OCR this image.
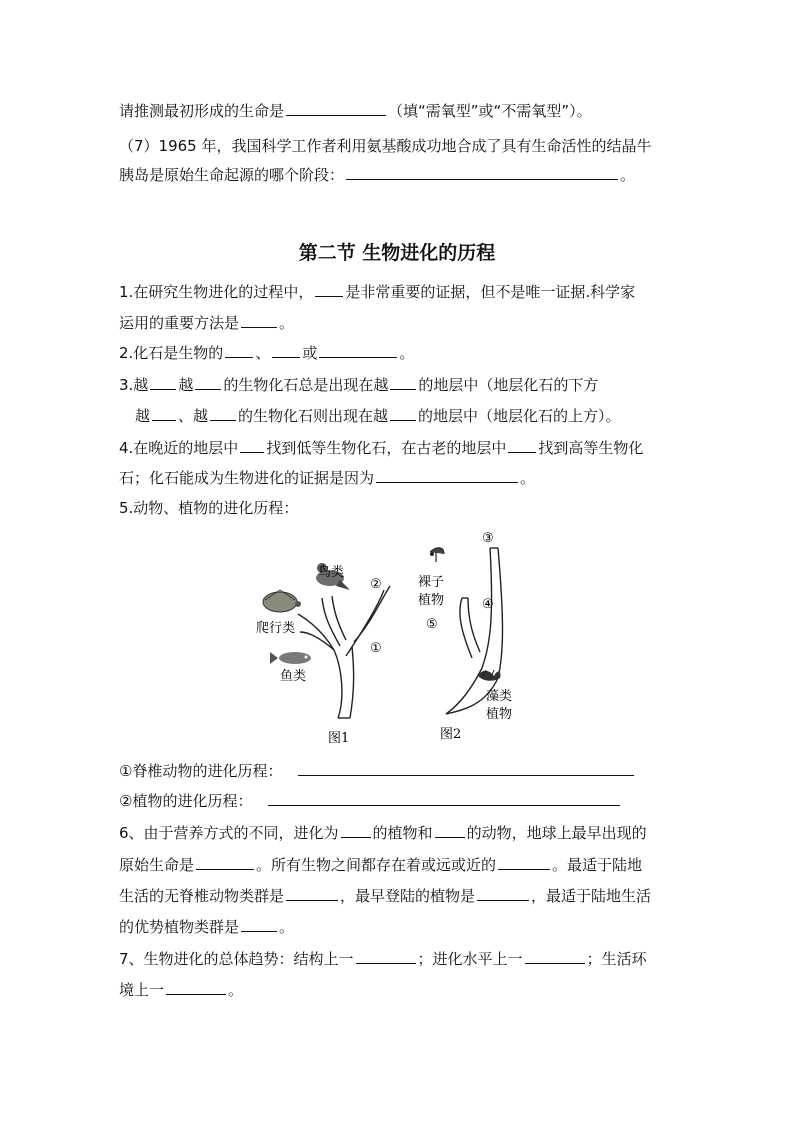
请推测最初形成的生命是	（填“需氧型”或“不需氧型”）。
（7）1965 年，我国科学工作者利用氨基酸成功地合成了具有生命活性的结晶牛
胰岛是原始生命起源的哪个阶段：	。
第二节 生物进化的历程
1.在研究生物进化的过程中， 是非常重要的证据，但不是唯一证据.科学家
运用的重要方法是	。
2.化石是生物的 、 或	。
3.越 越 的生物化石总是出现在越 的地层中（地层化石的下方
越 、越 的生物化石则出现在越 的地层中（地层化石的上方）。
4.在晚近的地层中 找到低等生物化石，在古老的地层中 找到高等生物化
石；化石能成为生物进化的证据是因为	。
5.动物、植物的进化历程：
鸟类
爬行类
鱼类
②
①
图1
裸子
植物
③
④
⑤
藻类
植物
图2
①脊椎动物的进化历程：
②植物的进化历程：
6、由于营养方式的不同，进化为 的植物和 的动物，地球上最早出现的
原始生命是	。所有生物之间都存在着或远或近的	。最适于陆地
生活的无脊椎动物类群是	，最早登陆的植物是	，最适于陆地生活
的优势植物类群是	。
7、生物进化的总体趋势：结构上一	；进化水平上一	；生活环
境上一	。
